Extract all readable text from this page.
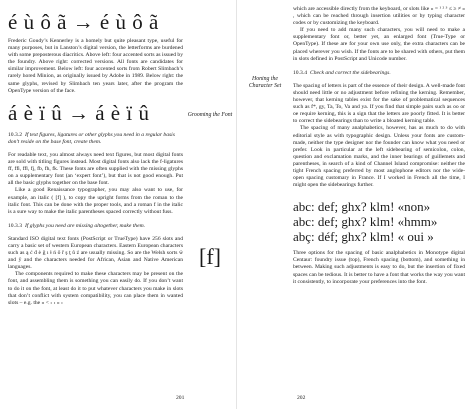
é ù ô ã → é ù ô ã
Frederic Goudy’s Kennerley is a homely but quite pleasant type, useful for many purposes, but in Lanston’s digital version, the letterforms are burdened with some preposterous diacritics. Above left: four accented sorts as issued by the foundry. Above right: corrected versions. All fonts are candidates for similar improvement. Below left: four accented sorts from Robert Slimbach’s rarely hored Minion, as originally issued by Adobe in 1989. Below right: the same glyphs, revised by Slimbach ten years later, after the program the OpenType version of the face.
á è ï û → á è ï û
10.3.2 If text figures, ligatures or other glyphs you need in a regular basis don’t reside on the base font, create them.

For readable text, you almost always need text figures, but most digital fonts are sold with titling figures instead. Most digital fonts also lack the f-ligatures ff, ffi, ffl, fj, fb, fh, fk. These fonts are often supplied with the missing glyphs on a supplementary font (an ‘expert font’), but that is not good enough. Put all the basic glyphs together on the base font.

Like a good Renaissance typographer, you may also want to use, for example, an italic ( [f] ), to copy the upright forms from the roman to the italic font. This can be done with the proper tools, and a roman f in the italic is a sure way to make the italic parentheses spaced correctly without fuss.

10.3.3 If glyphs you need are missing altogether, make them.

Standard ISO digital text fonts (PostScript or TrueType) have 256 slots and carry a basic set of western European characters. Eastern European characters such as ą ć đ ė ğ ı ł ń ő ř ş ţ ů ź are usually missing. So are the Welsh sorts ŵ and ŷ and the characters needed for African, Asian and Native American languages.

The components required to make these characters may be present on the font, and assembling them is something you can easily do. If you don’t want to do it on the font, at least do it to put whatever characters you make in slots that don’t conflict with system compatibility, you can place them in wanted slots – e.g. the « < › ‹ » ›

Grooming the Font
[f]
201
Honing the Character Set

which are accessible directly from the keyboard, or slots like « = ¹ ² ³ ≤ ≥ ≠ » , which can be reached through insertion utilities or by typing character codes or by customizing the keyboard.

If you need to add many such characters, you will need to make a supplementary font or, better yet, an enlarged font (True-Type or OpenType). If these are for your own use only, the extra characters can be placed wherever you wish. If the fonts are to be shared with others, put them in slots defined in PostScript and Unicode number.

10.3.4 Check and correct the sidebearings.

The spacing of letters is part of the essence of their design. A well-made font should need little or no adjustment before refining the kerning. Remember, however, that kerning tables exist for the sake of problematical sequences such as f*, gy, Ta, To, Va and ya. If you find that simple pairs such as oo or oe require kerning, this is a sign that the letters are poorly fitted. It is better to correct the sidebearings than to write a bloated kerning table.

The spacing of many analphabetics, however, has as much to do with editorial style as with typographic design. Unless your fonts are custom-made, neither the type designer nor the founder can know what you need or prefer. Look in particular at the left sidebearing of semicolon, colon, question and exclamation marks, and the inner bearings of guillemets and parentheses, in search of a kind of Channel Island compromise: neither the tight French spacing preferred by most anglophone editors nor the wide-open spacing customary in France. If I worked in French all the time, I might open the sidebearings further.

abc: def; ghx? klm! «non»
abc: def; ghx? klm! «hmm»
abç: déf; ghx? klm! « oui »
Three options for the spacing of basic analphabetics in Monotype digital Centaur: foundry issue (top), French spacing (bottom), and something in between. Making such adjustments is easy to do, but the insertion of fixed spaces can be tedious. It is better to have a font that works the way you want it consistently, to incorporate your preferences into the font.
202
